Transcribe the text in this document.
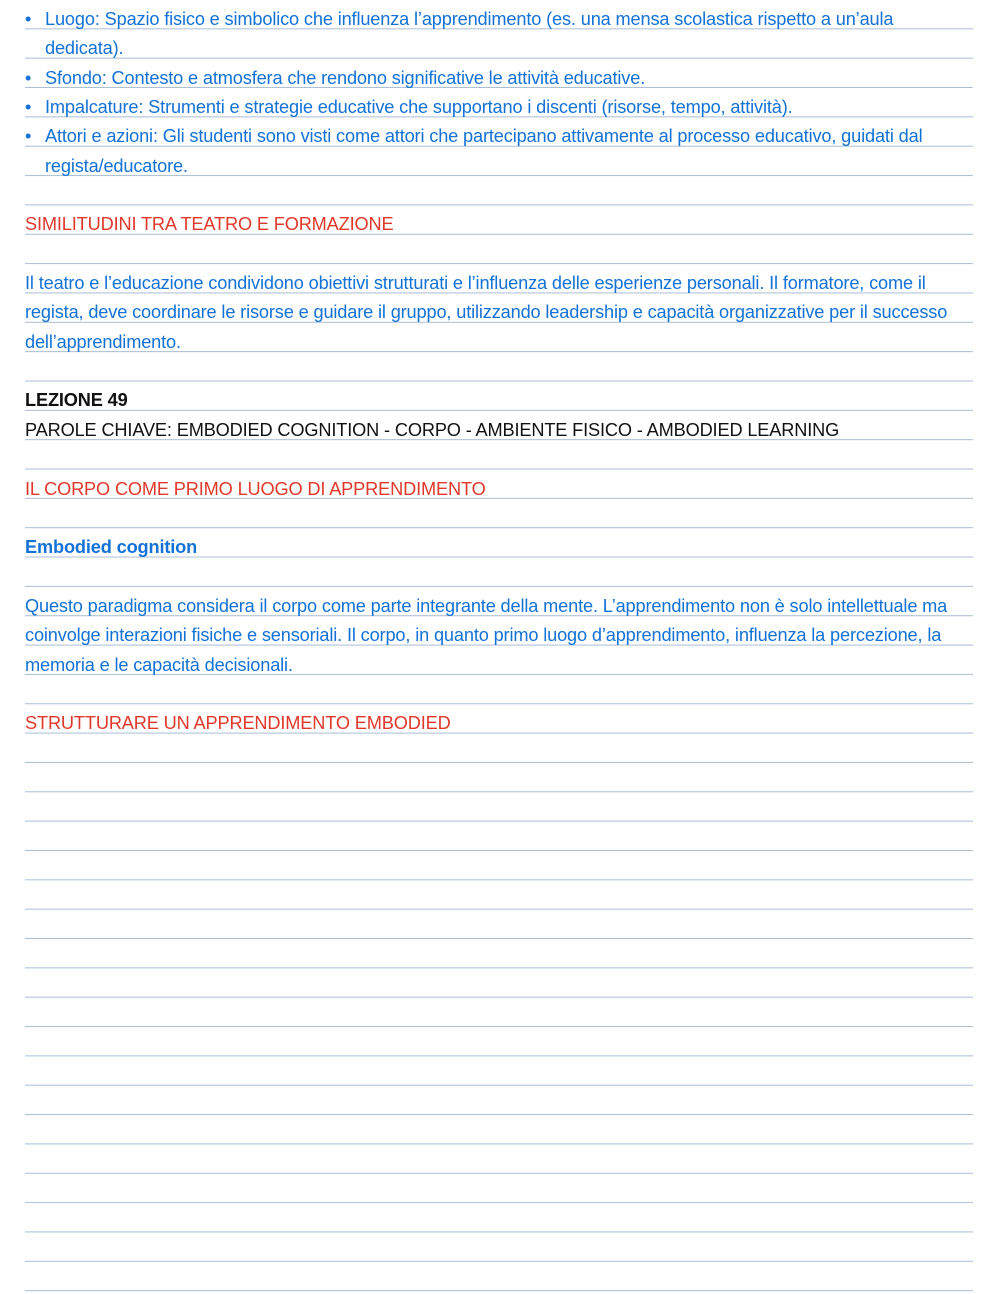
• Luogo: Spazio fisico e simbolico che influenza l’apprendimento (es. una mensa scolastica rispetto a un’aula dedicata).
• Sfondo: Contesto e atmosfera che rendono significative le attività educative.
• Impalcature: Strumenti e strategie educative che supportano i discenti (risorse, tempo, attività).
• Attori e azioni: Gli studenti sono visti come attori che partecipano attivamente al processo educativo, guidati dal regista/educatore.
SIMILITUDINI TRA TEATRO E FORMAZIONE

Il teatro e l’educazione condividono obiettivi strutturati e l’influenza delle esperienze personali. Il formatore, come il regista, deve coordinare le risorse e guidare il gruppo, utilizzando leadership e capacità organizzative per il successo dell’apprendimento.

LEZIONE 49
PAROLE CHIAVE: EMBODIED COGNITION - CORPO - AMBIENTE FISICO - AMBODIED LEARNING
IL CORPO COME PRIMO LUOGO DI APPRENDIMENTO
Embodied cognition

Questo paradigma considera il corpo come parte integrante della mente. L’apprendimento non è solo intellettuale ma coinvolge interazioni fisiche e sensoriali. Il corpo, in quanto primo luogo d’apprendimento, influenza la percezione, la memoria e le capacità decisionali.

STRUTTURARE UN APPRENDIMENTO EMBODIED
